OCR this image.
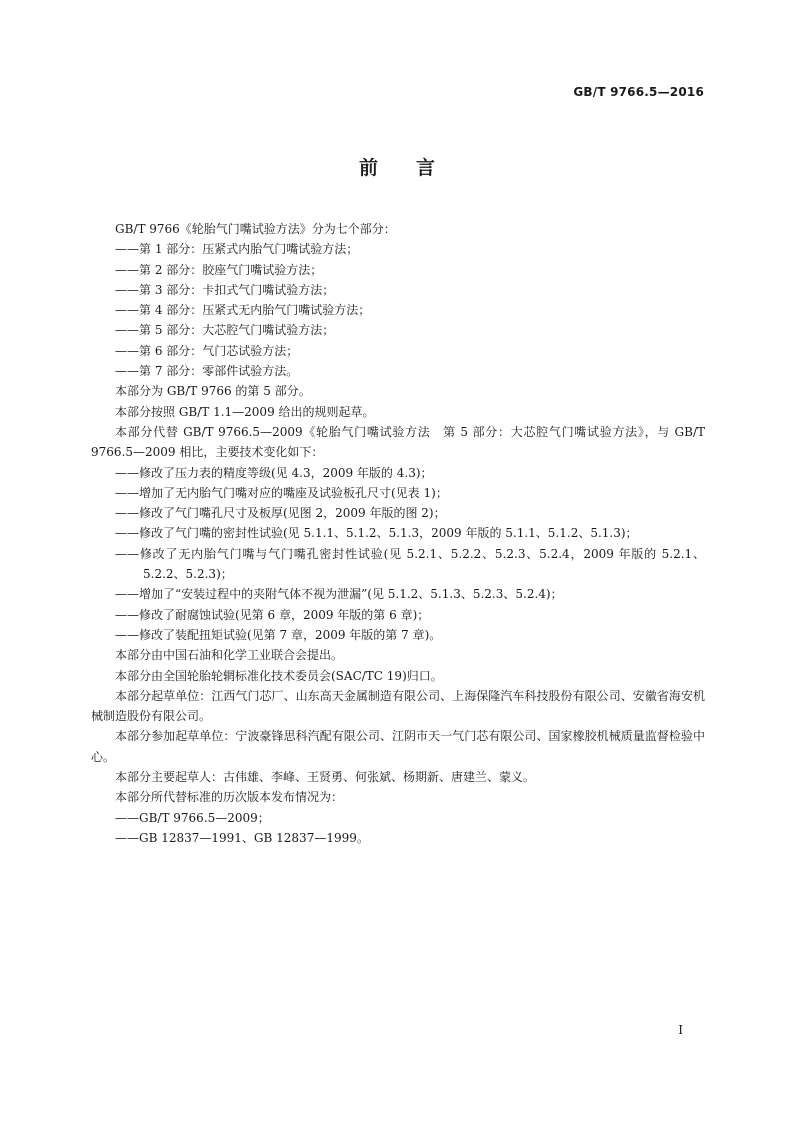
GB/T 9766.5—2016
前 言
GB/T 9766《轮胎气门嘴试验方法》分为七个部分：
——第 1 部分：压紧式内胎气门嘴试验方法；
——第 2 部分：胶座气门嘴试验方法；
——第 3 部分：卡扣式气门嘴试验方法；
——第 4 部分：压紧式无内胎气门嘴试验方法；
——第 5 部分：大芯腔气门嘴试验方法；
——第 6 部分：气门芯试验方法；
——第 7 部分：零部件试验方法。
本部分为 GB/T 9766 的第 5 部分。
本部分按照 GB/T 1.1—2009 给出的规则起草。
本部分代替 GB/T 9766.5—2009《轮胎气门嘴试验方法　第 5 部分：大芯腔气门嘴试验方法》，与 GB/T 9766.5—2009 相比，主要技术变化如下：
——修改了压力表的精度等级(见 4.3，2009 年版的 4.3)；
——增加了无内胎气门嘴对应的嘴座及试验板孔尺寸(见表 1)；
——修改了气门嘴孔尺寸及板厚(见图 2，2009 年版的图 2)；
——修改了气门嘴的密封性试验(见 5.1.1、5.1.2、5.1.3，2009 年版的 5.1.1、5.1.2、5.1.3)；
——修改了无内胎气门嘴与气门嘴孔密封性试验(见 5.2.1、5.2.2、5.2.3、5.2.4，2009 年版的 5.2.1、5.2.2、5.2.3)；
——增加了“安装过程中的夹附气体不视为泄漏”(见 5.1.2、5.1.3、5.2.3、5.2.4)；
——修改了耐腐蚀试验(见第 6 章，2009 年版的第 6 章)；
——修改了装配扭矩试验(见第 7 章，2009 年版的第 7 章)。
本部分由中国石油和化学工业联合会提出。
本部分由全国轮胎轮辋标准化技术委员会(SAC/TC 19)归口。
本部分起草单位：江西气门芯厂、山东高天金属制造有限公司、上海保隆汽车科技股份有限公司、安徽省海安机械制造股份有限公司。
本部分参加起草单位：宁波豪锋思科汽配有限公司、江阴市天一气门芯有限公司、国家橡胶机械质量监督检验中心。
本部分主要起草人：古伟雄、李峰、王贤勇、何张斌、杨期新、唐建兰、蒙义。
本部分所代替标准的历次版本发布情况为：
——GB/T 9766.5—2009；
——GB 12837—1991、GB 12837—1999。
I
